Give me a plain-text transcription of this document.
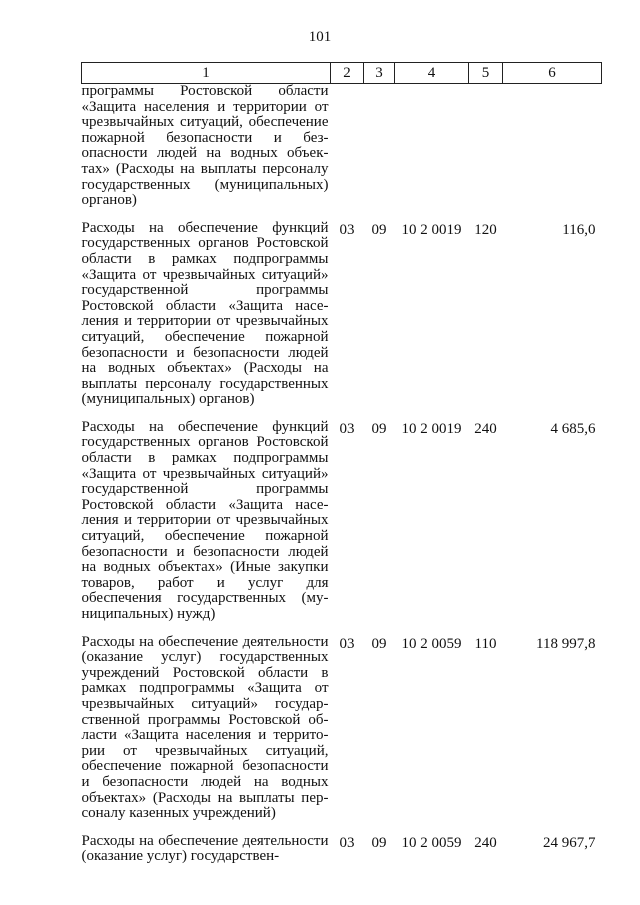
101
1	2	3	4	5	6
программы Ростовской области «Защита населения и территории от чрезвычайных ситуаций, обеспечение пожарной безопасности и безопасности людей на водных объектах» (Расходы на выплаты персоналу государственных (муниципальных) органов)					

Расходы на обеспечение функций государственных органов Ростовской области в рамках подпрограммы «Защита от чрезвычайных ситуаций» государственной программы Ростовской области «Защита населения и территории от чрезвычайных ситуаций, обеспечение пожарной безопасности и безопасности людей на водных объектах» (Расходы на выплаты персоналу государственных (муниципальных) органов)	03	09	10 2 0019	120	116,0

Расходы на обеспечение функций государственных органов Ростовской области в рамках подпрограммы «Защита от чрезвычайных ситуаций» государственной программы Ростовской области «Защита населения и территории от чрезвычайных ситуаций, обеспечение пожарной безопасности и безопасности людей на водных объектах» (Иные закупки товаров, работ и услуг для обеспечения государственных (муниципальных) нужд)	03	09	10 2 0019	240	4 685,6

Расходы на обеспечение деятельности (оказание услуг) государственных учреждений Ростовской области в рамках подпрограммы «Защита от чрезвычайных ситуаций» государственной программы Ростовской области «Защита населения и территории от чрезвычайных ситуаций, обеспечение пожарной безопасности и безопасности людей на водных объектах» (Расходы на выплаты персоналу казенных учреждений)	03	09	10 2 0059	110	118 997,8

Расходы на обеспечение деятельности (оказание услуг) государствен-	03	09	10 2 0059	240	24 967,7
